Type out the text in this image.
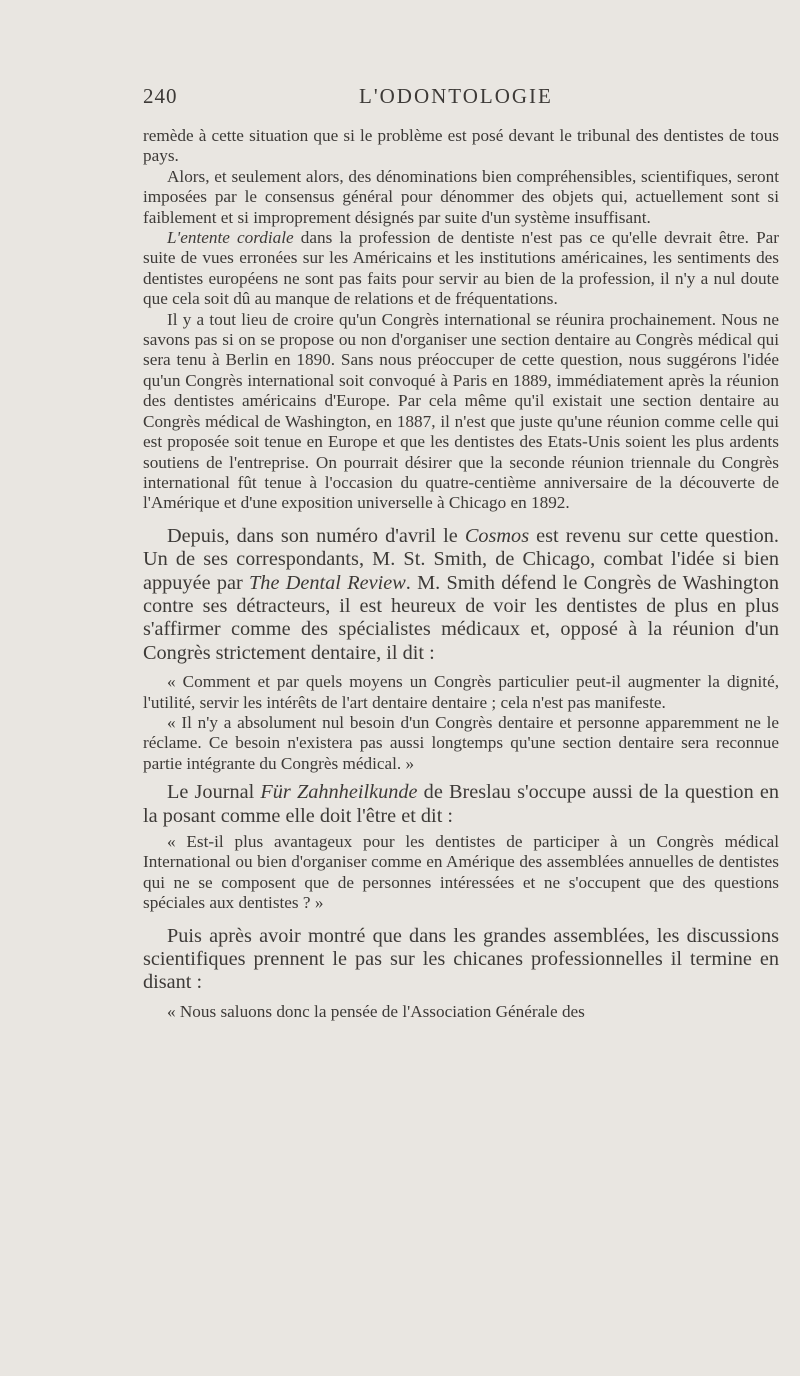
240	L'ODONTOLOGIE

remède à cette situation que si le problème est posé devant le tribunal des dentistes de tous pays.

Alors, et seulement alors, des dénominations bien compréhensibles, scientifiques, seront imposées par le consensus général pour dénommer des objets qui, actuellement sont si faiblement et si improprement désignés par suite d'un système insuffisant.

L'entente cordiale dans la profession de dentiste n'est pas ce qu'elle devrait être. Par suite de vues erronées sur les Américains et les institutions américaines, les sentiments des dentistes européens ne sont pas faits pour servir au bien de la profession, il n'y a nul doute que cela soit dû au manque de relations et de fréquentations.

Il y a tout lieu de croire qu'un Congrès international se réunira prochainement. Nous ne savons pas si on se propose ou non d'organiser une section dentaire au Congrès médical qui sera tenu à Berlin en 1890. Sans nous préoccuper de cette question, nous suggérons l'idée qu'un Congrès international soit convoqué à Paris en 1889, immédiatement après la réunion des dentistes américains d'Europe. Par cela même qu'il existait une section dentaire au Congrès médical de Washington, en 1887, il n'est que juste qu'une réunion comme celle qui est proposée soit tenue en Europe et que les dentistes des Etats-Unis soient les plus ardents soutiens de l'entreprise. On pourrait désirer que la seconde réunion triennale du Congrès international fût tenue à l'occasion du quatre-centième anniversaire de la découverte de l'Amérique et d'une exposition universelle à Chicago en 1892.

Depuis, dans son numéro d'avril le Cosmos est revenu sur cette question. Un de ses correspondants, M. St. Smith, de Chicago, combat l'idée si bien appuyée par The Dental Review. M. Smith défend le Congrès de Washington contre ses détracteurs, il est heureux de voir les dentistes de plus en plus s'affirmer comme des spécialistes médicaux et, opposé à la réunion d'un Congrès strictement dentaire, il dit :

« Comment et par quels moyens un Congrès particulier peut-il augmenter la dignité, l'utilité, servir les intérêts de l'art dentaire dentaire ; cela n'est pas manifeste.

« Il n'y a absolument nul besoin d'un Congrès dentaire et personne apparemment ne le réclame. Ce besoin n'existera pas aussi longtemps qu'une section dentaire sera reconnue partie intégrante du Congrès médical. »

Le Journal Für Zahnheilkunde de Breslau s'occupe aussi de la question en la posant comme elle doit l'être et dit :

« Est-il plus avantageux pour les dentistes de participer à un Congrès médical International ou bien d'organiser comme en Amérique des assemblées annuelles de dentistes qui ne se composent que de personnes intéressées et ne s'occupent que des questions spéciales aux dentistes ? »

Puis après avoir montré que dans les grandes assemblées, les discussions scientifiques prennent le pas sur les chicanes professionnelles il termine en disant :

« Nous saluons donc la pensée de l'Association Générale des
